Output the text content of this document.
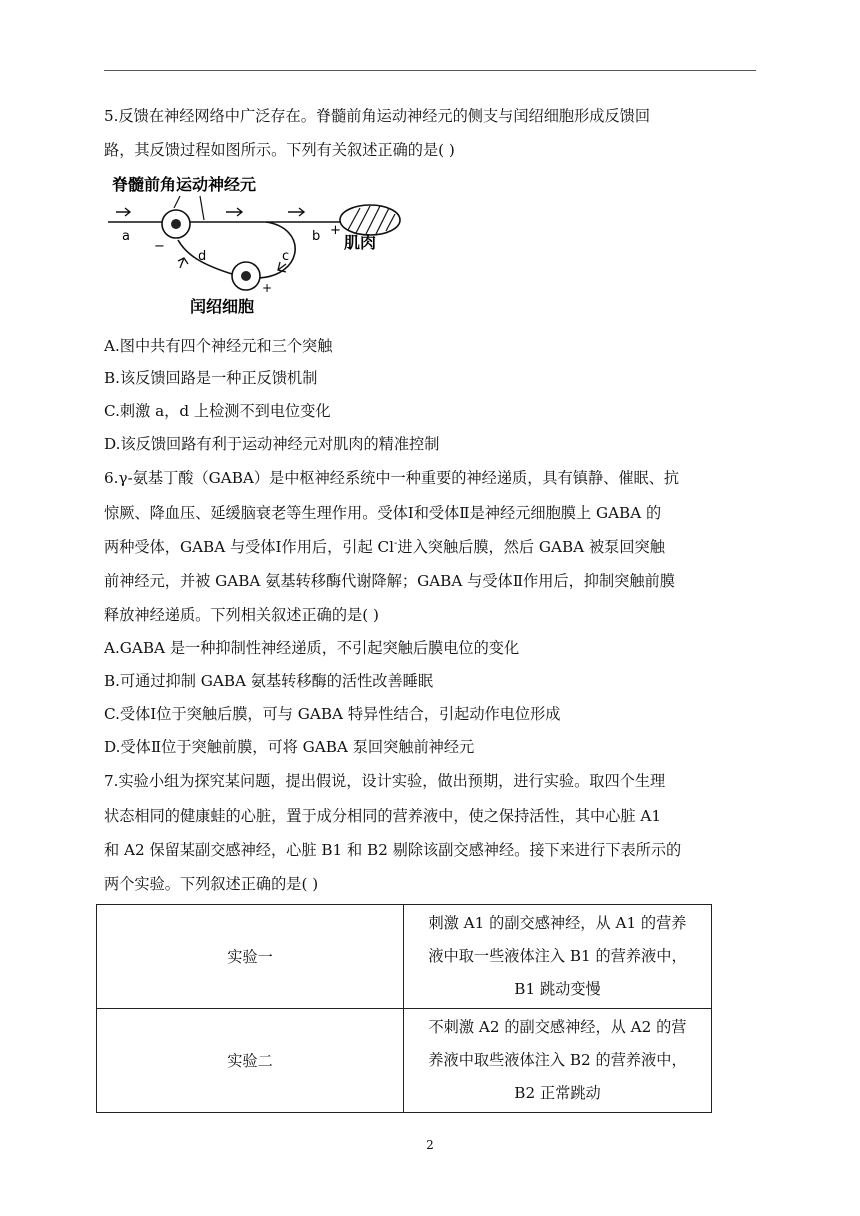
5.反馈在神经网络中广泛存在。脊髓前角运动神经元的侧支与闰绍细胞形成反馈回
路，其反馈过程如图所示。下列有关叙述正确的是( )
脊髓前角运动神经元
肌肉
+
+
−
a	b
c
d
闰绍细胞
A.图中共有四个神经元和三个突触
B.该反馈回路是一种正反馈机制
C.刺激 a，d 上检测不到电位变化
D.该反馈回路有利于运动神经元对肌肉的精准控制
6.γ-氨基丁酸（GABA）是中枢神经系统中一种重要的神经递质，具有镇静、催眠、抗
惊厥、降血压、延缓脑衰老等生理作用。受体Ⅰ和受体Ⅱ是神经元细胞膜上 GABA 的
两种受体，GABA 与受体Ⅰ作用后，引起 Cl-进入突触后膜，然后 GABA 被泵回突触
前神经元，并被 GABA 氨基转移酶代谢降解；GABA 与受体Ⅱ作用后，抑制突触前膜
释放神经递质。下列相关叙述正确的是( )
A.GABA 是一种抑制性神经递质，不引起突触后膜电位的变化
B.可通过抑制 GABA 氨基转移酶的活性改善睡眠
C.受体Ⅰ位于突触后膜，可与 GABA 特异性结合，引起动作电位形成
D.受体Ⅱ位于突触前膜，可将 GABA 泵回突触前神经元
7.实验小组为探究某问题，提出假说，设计实验，做出预期，进行实验。取四个生理
状态相同的健康蛙的心脏，置于成分相同的营养液中，使之保持活性，其中心脏 A1
和 A2 保留某副交感神经，心脏 B1 和 B2 剔除该副交感神经。接下来进行下表所示的
两个实验。下列叙述正确的是( )
实验一	刺激 A1 的副交感神经，从 A1 的营养
液中取一些液体注入 B1 的营养液中，
B1 跳动变慢

实验二	不刺激 A2 的副交感神经，从 A2 的营
养液中取些液体注入 B2 的营养液中，
B2 正常跳动
2
